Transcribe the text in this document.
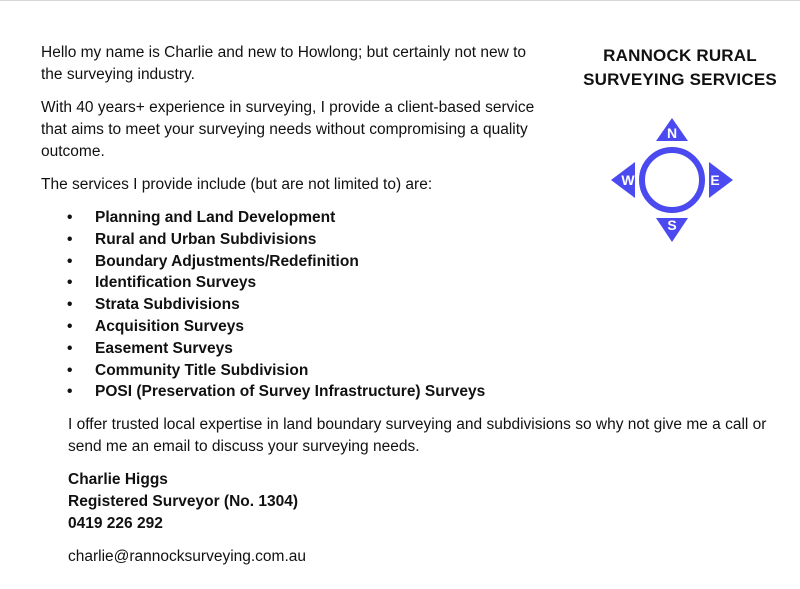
Hello my name is Charlie and new to Howlong; but certainly not new to the surveying industry.

With 40 years+ experience in surveying, I provide a client-based service that aims to meet your surveying needs without compromising a quality outcome.

The services I provide include (but are not limited to) are:

RANNOCK RURAL
SURVEYING SERVICES
N
S
W	E
• Planning and Land Development
• Rural and Urban Subdivisions
• Boundary Adjustments/Redefinition
• Identification Surveys
• Strata Subdivisions
• Acquisition Surveys
• Easement Surveys
• Community Title Subdivision
• POSI (Preservation of Survey Infrastructure) Surveys

I offer trusted local expertise in land boundary surveying and subdivisions so why not give me a call or send me an email to discuss your surveying needs.

Charlie Higgs
Registered Surveyor (No. 1304)
0419 226 292

charlie@rannocksurveying.com.au
